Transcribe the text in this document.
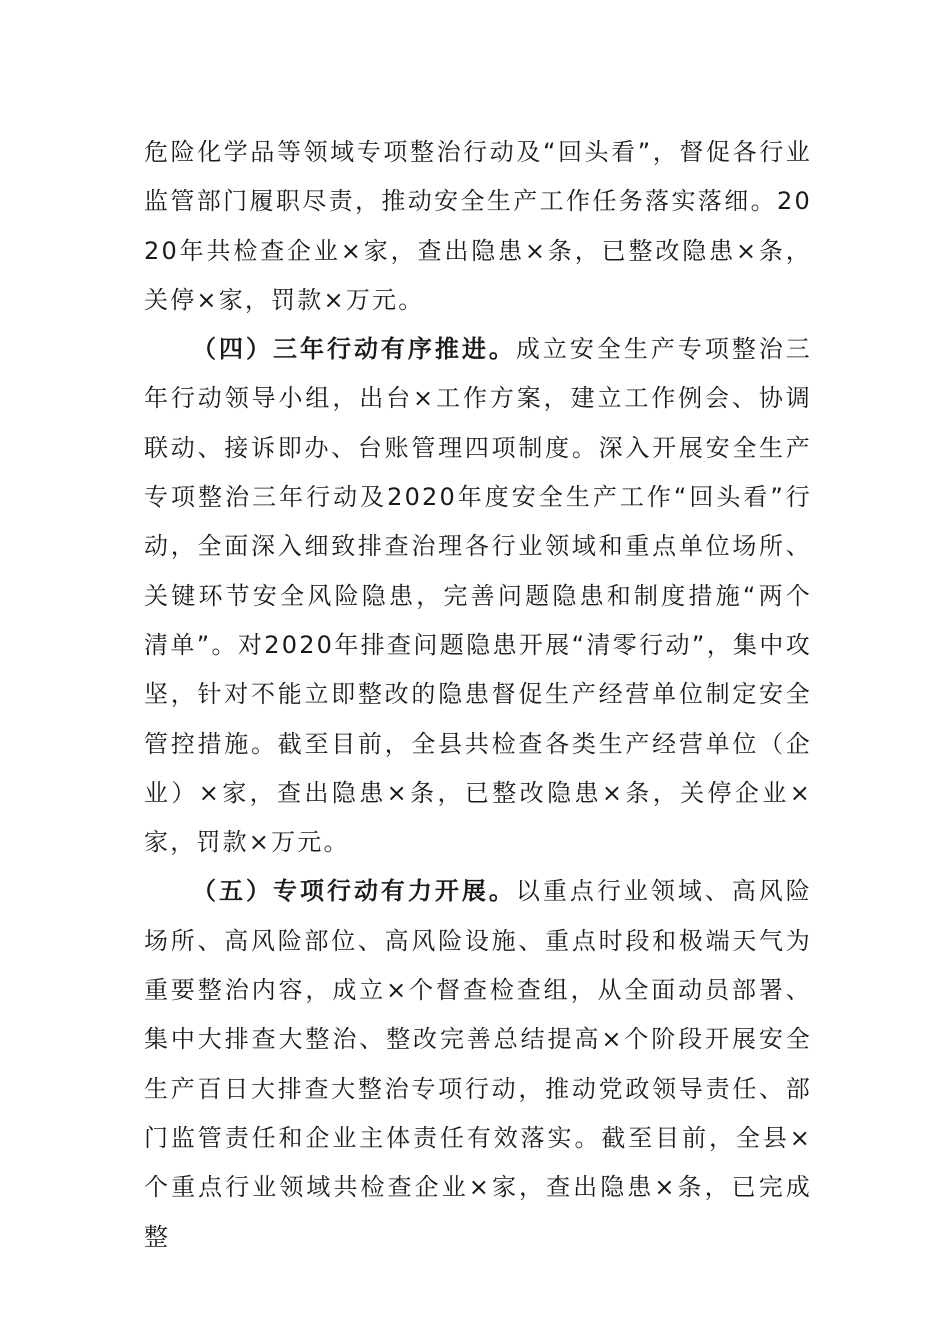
危险化学品等领域专项整治行动及“回头看”，督促各行业监管部门履职尽责，推动安全生产工作任务落实落细。2020年共检查企业×家，查出隐患×条，已整改隐患×条，关停×家，罚款×万元。

（四）三年行动有序推进。成立安全生产专项整治三年行动领导小组，出台×工作方案，建立工作例会、协调联动、接诉即办、台账管理四项制度。深入开展安全生产专项整治三年行动及2020年度安全生产工作“回头看”行动，全面深入细致排查治理各行业领域和重点单位场所、关键环节安全风险隐患，完善问题隐患和制度措施“两个清单”。对2020年排查问题隐患开展“清零行动”，集中攻坚，针对不能立即整改的隐患督促生产经营单位制定安全管控措施。截至目前，全县共检查各类生产经营单位（企业）×家，查出隐患×条，已整改隐患×条，关停企业×家，罚款×万元。

（五）专项行动有力开展。以重点行业领域、高风险场所、高风险部位、高风险设施、重点时段和极端天气为重要整治内容，成立×个督查检查组，从全面动员部署、集中大排查大整治、整改完善总结提高×个阶段开展安全生产百日大排查大整治专项行动，推动党政领导责任、部门监管责任和企业主体责任有效落实。截至目前，全县×个重点行业领域共检查企业×家，查出隐患×条，已完成整
